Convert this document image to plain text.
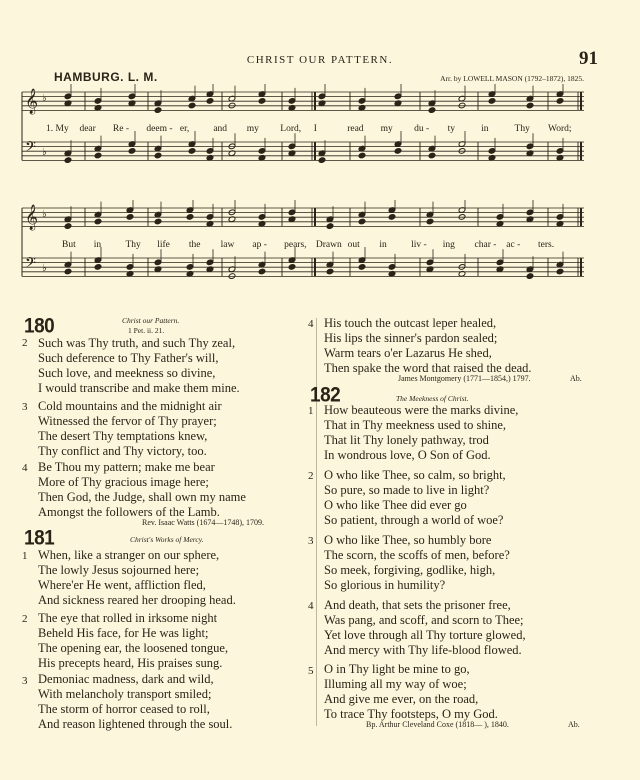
CHRIST OUR PATTERN.	91
HAMBURG. L. M.	Arr. by LOWELL MASON (1792–1872), 1825.
𝄞 ♭
𝄢 ♭
𝄞 ♭
𝄢 ♭
1. My dear Re - deem - er,	and my Lord, I	read my du - ty	in	Thy Word;
But in	Thy life the law ap - pears, Drawn out in	liv - ing char - ac - ters.
180	Christ our Pattern.
1 Pet. ii. 21.
2 Such was Thy truth, and such Thy zeal,
Such deference to Thy Father's will,
Such love, and meekness so divine,
I would transcribe and make them mine.
3 Cold mountains and the midnight air
Witnessed the fervor of Thy prayer;
The desert Thy temptations knew,
Thy conflict and Thy victory, too.
4 Be Thou my pattern; make me bear
More of Thy gracious image here;
Then God, the Judge, shall own my name
Amongst the followers of the Lamb.
Rev. Isaac Watts (1674—1748), 1709.
181	Christ's Works of Mercy.
1 When, like a stranger on our sphere,
The lowly Jesus sojourned here;
Where'er He went, affliction fled,
And sickness reared her drooping head.
2 The eye that rolled in irksome night
Beheld His face, for He was light;
The opening ear, the loosened tongue,
His precepts heard, His praises sung.
3 Demoniac madness, dark and wild,
With melancholy transport smiled;
The storm of horror ceased to roll,
And reason lightened through the soul.
4 His touch the outcast leper healed,
His lips the sinner's pardon sealed;
Warm tears o'er Lazarus He shed,
Then spake the word that raised the dead.
James Montgomery (1771—1854,) 1797.	Ab.
182	The Meekness of Christ.
1 How beauteous were the marks divine,
That in Thy meekness used to shine,
That lit Thy lonely pathway, trod
In wondrous love, O Son of God.
2 O who like Thee, so calm, so bright,
So pure, so made to live in light?
O who like Thee did ever go
So patient, through a world of woe?
3 O who like Thee, so humbly bore
The scorn, the scoffs of men, before?
So meek, forgiving, godlike, high,
So glorious in humility?
4 And death, that sets the prisoner free,
Was pang, and scoff, and scorn to Thee;
Yet love through all Thy torture glowed,
And mercy with Thy life-blood flowed.
5 O in Thy light be mine to go,
Illuming all my way of woe;
And give me ever, on the road,
To trace Thy footsteps, O my God.
Bp. Arthur Cleveland Coxe (1818— ), 1840.	Ab.
